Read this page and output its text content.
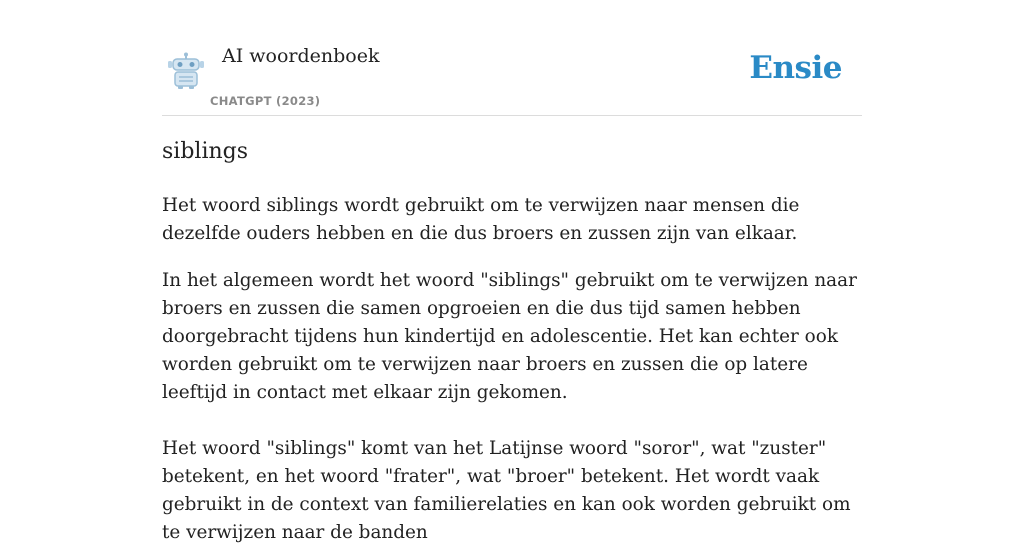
AI woordenboek
CHATGPT (2023)
Ensie
siblings

Het woord siblings wordt gebruikt om te verwijzen naar mensen die dezelfde ouders hebben en die dus broers en zussen zijn van elkaar.

In het algemeen wordt het woord "siblings" gebruikt om te verwijzen naar broers en zussen die samen opgroeien en die dus tijd samen hebben doorgebracht tijdens hun kindertijd en adolescentie. Het kan echter ook worden gebruikt om te verwijzen naar broers en zussen die op latere leeftijd in contact met elkaar zijn gekomen.

Het woord "siblings" komt van het Latijnse woord "soror", wat "zuster" betekent, en het woord "frater", wat "broer" betekent. Het wordt vaak gebruikt in de context van familierelaties en kan ook worden gebruikt om te verwijzen naar de banden
